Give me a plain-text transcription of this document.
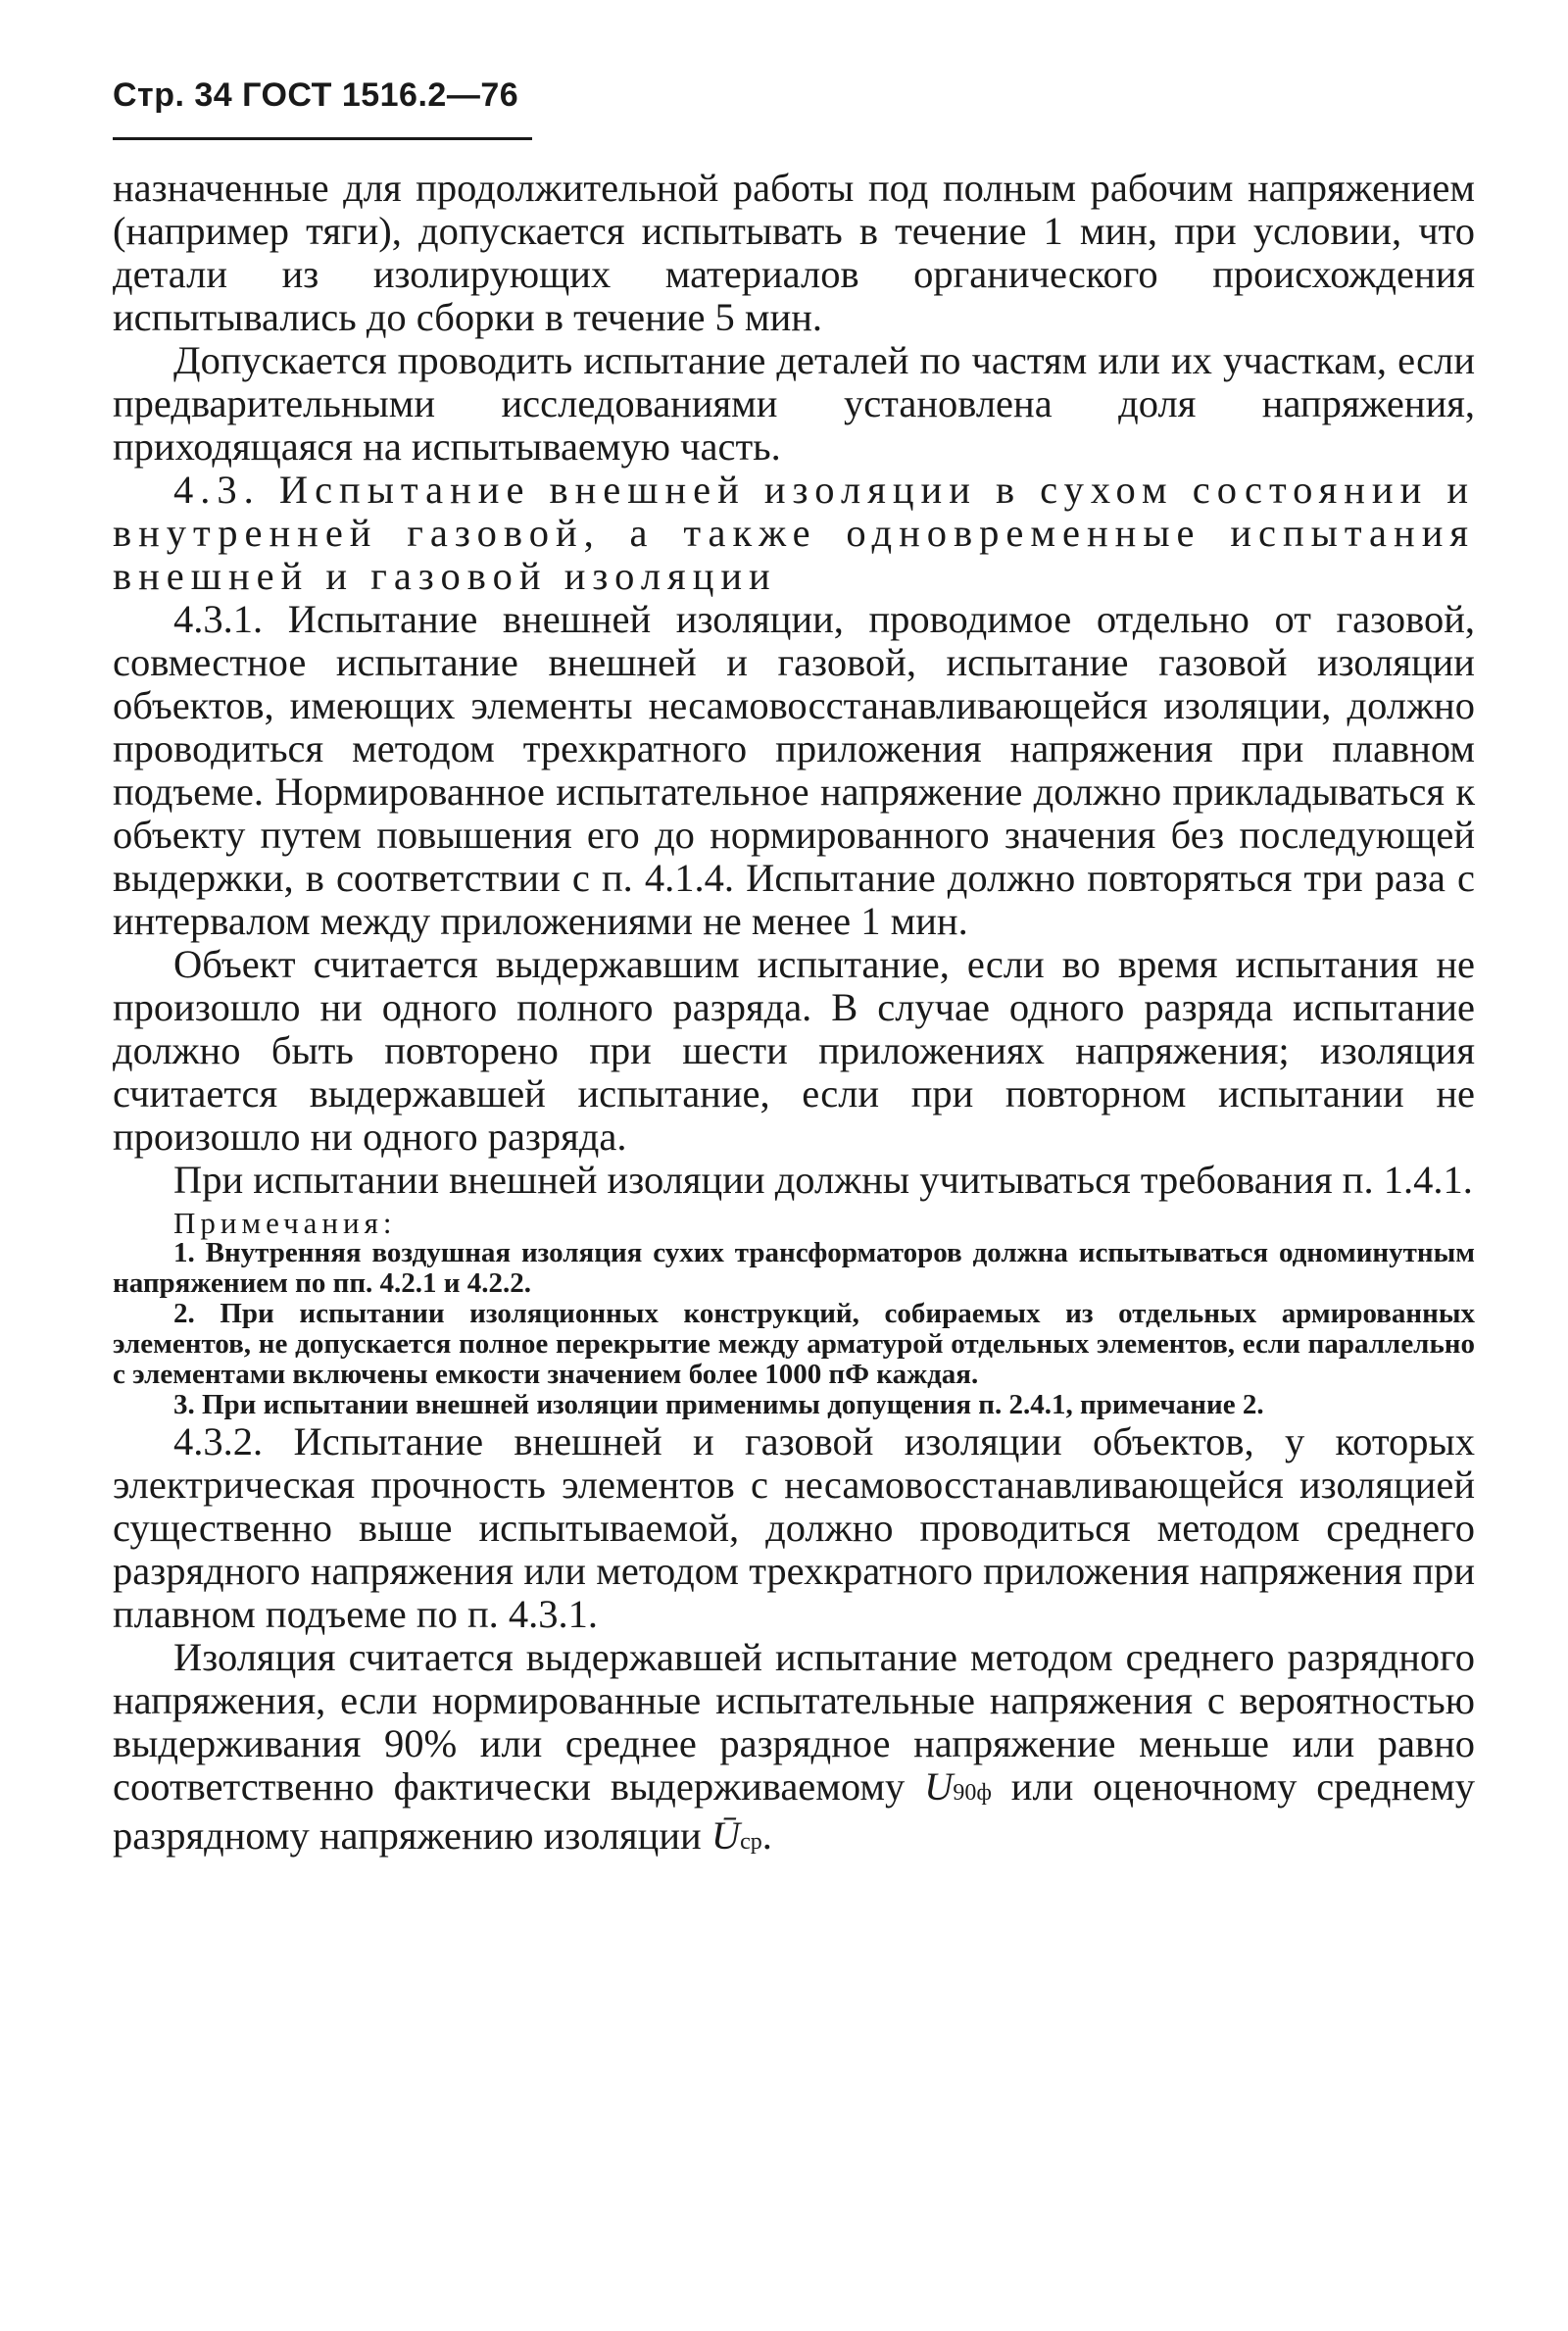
Стр. 34 ГОСТ 1516.2—76

назначенные для продолжительной работы под полным рабочим напряжением (например тяги), допускается испытывать в течение 1 мин, при условии, что детали из изолирующих материалов органического происхождения испытывались до сборки в течение 5 мин.

Допускается проводить испытание деталей по частям или их участкам, если предварительными исследованиями установлена доля напряжения, приходящаяся на испытываемую часть.

4.3. Испытание внешней изоляции в сухом состоянии и внутренней газовой, а также одновременные испытания внешней и газовой изоляции

4.3.1. Испытание внешней изоляции, проводимое отдельно от газовой, совместное испытание внешней и газовой, испытание газовой изоляции объектов, имеющих элементы несамовосстанавливающейся изоляции, должно проводиться методом трехкратного приложения напряжения при плавном подъеме. Нормированное испытательное напряжение должно прикладываться к объекту путем повышения его до нормированного значения без последующей выдержки, в соответствии с п. 4.1.4. Испытание должно повторяться три раза с интервалом между приложениями не менее 1 мин.

Объект считается выдержавшим испытание, если во время испытания не произошло ни одного полного разряда. В случае одного разряда испытание должно быть повторено при шести приложениях напряжения; изоляция считается выдержавшей испытание, если при повторном испытании не произошло ни одного разряда.

При испытании внешней изоляции должны учитываться требования п. 1.4.1.

Примечания:
1. Внутренняя воздушная изоляция сухих трансформаторов должна испытываться одноминутным напряжением по пп. 4.2.1 и 4.2.2.
2. При испытании изоляционных конструкций, собираемых из отдельных армированных элементов, не допускается полное перекрытие между арматурой отдельных элементов, если параллельно с элементами включены емкости значением более 1000 пФ каждая.
3. При испытании внешней изоляции применимы допущения п. 2.4.1, примечание 2.

4.3.2. Испытание внешней и газовой изоляции объектов, у которых электрическая прочность элементов с несамовосстанавливающейся изоляцией существенно выше испытываемой, должно проводиться методом среднего разрядного напряжения или методом трехкратного приложения напряжения при плавном подъеме по п. 4.3.1.

Изоляция считается выдержавшей испытание методом среднего разрядного напряжения, если нормированные испытательные напряжения с вероятностью выдерживания 90% или среднее разрядное напряжение меньше или равно соответственно фактически выдерживаемому U90ф или оценочному среднему разрядному напряжению изоляции Ūср.
